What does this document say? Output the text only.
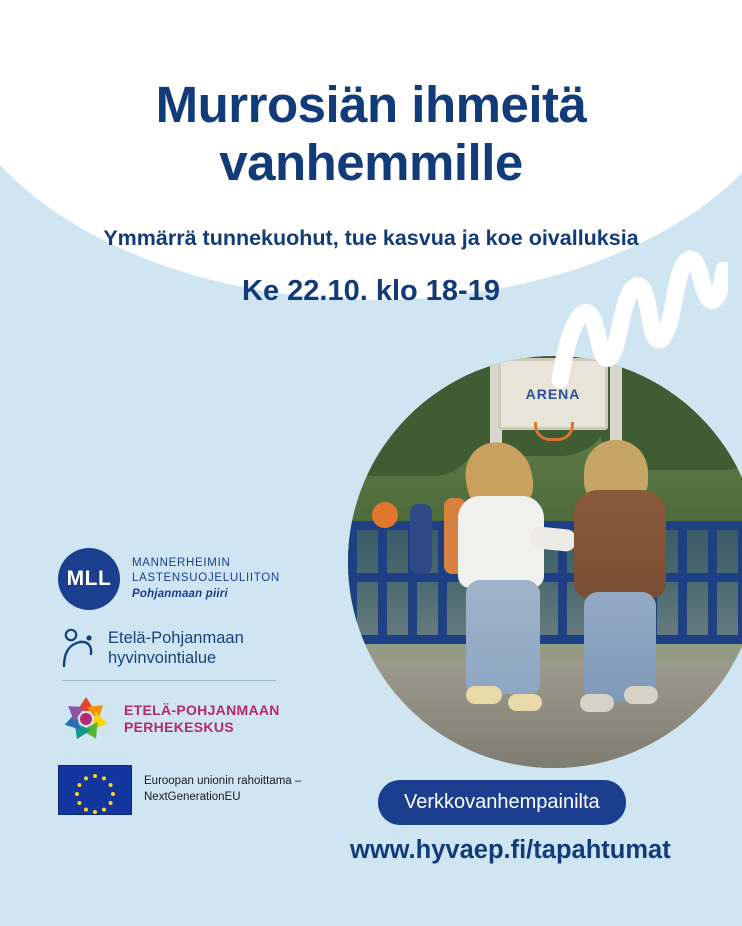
Murrosiän ihmeitä vanhemmille
Ymmärrä tunnekuohut, tue kasvua ja koe oivalluksia
Ke 22.10. klo 18-19
ARENA
MLL
MANNERHEIMIN
LASTENSUOJELULIITON
Pohjanmaan piiri
Etelä-Pohjanmaan
hyvinvointialue
ETELÄ-POHJANMAAN
PERHEKESKUS
Euroopan unionin rahoittama –
NextGenerationEU	Verkkovanhempainilta
www.hyvaep.fi/tapahtumat
